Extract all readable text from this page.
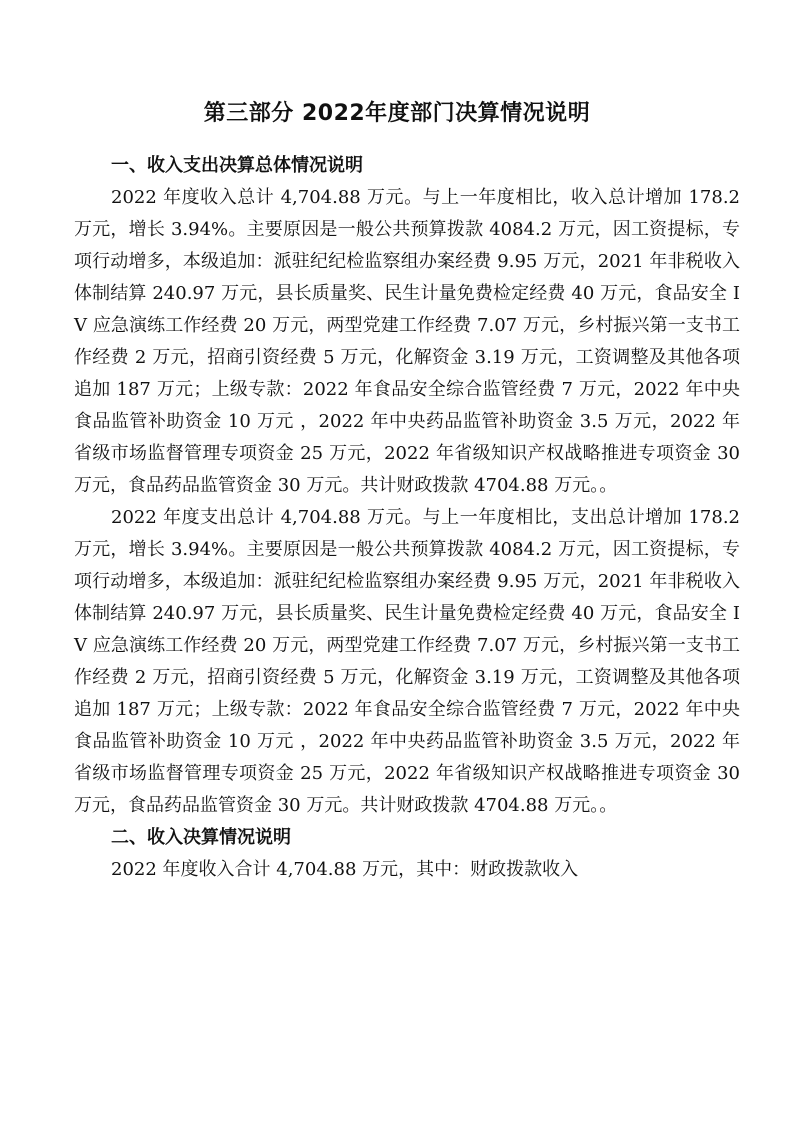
第三部分 2022年度部门决算情况说明
一、收入支出决算总体情况说明

2022 年度收入总计 4,704.88 万元。与上一年度相比，收入总计增加 178.2 万元，增长 3.94%。主要原因是一般公共预算拨款 4084.2 万元，因工资提标，专项行动增多，本级追加：派驻纪纪检监察组办案经费 9.95 万元，2021 年非税收入体制结算 240.97 万元，县长质量奖、民生计量免费检定经费 40 万元，食品安全 IV 应急演练工作经费 20 万元，两型党建工作经费 7.07 万元，乡村振兴第一支书工作经费 2 万元，招商引资经费 5 万元，化解资金 3.19 万元，工资调整及其他各项追加 187 万元；上级专款：2022 年食品安全综合监管经费 7 万元，2022 年中央食品监管补助资金 10 万元 ，2022 年中央药品监管补助资金 3.5 万元，2022 年省级市场监督管理专项资金 25 万元，2022 年省级知识产权战略推进专项资金 30 万元，食品药品监管资金 30 万元。共计财政拨款 4704.88 万元。。

2022 年度支出总计 4,704.88 万元。与上一年度相比，支出总计增加 178.2 万元，增长 3.94%。主要原因是一般公共预算拨款 4084.2 万元，因工资提标，专项行动增多，本级追加：派驻纪纪检监察组办案经费 9.95 万元，2021 年非税收入体制结算 240.97 万元，县长质量奖、民生计量免费检定经费 40 万元，食品安全 IV 应急演练工作经费 20 万元，两型党建工作经费 7.07 万元，乡村振兴第一支书工作经费 2 万元，招商引资经费 5 万元，化解资金 3.19 万元，工资调整及其他各项追加 187 万元；上级专款：2022 年食品安全综合监管经费 7 万元，2022 年中央食品监管补助资金 10 万元 ，2022 年中央药品监管补助资金 3.5 万元，2022 年省级市场监督管理专项资金 25 万元，2022 年省级知识产权战略推进专项资金 30 万元，食品药品监管资金 30 万元。共计财政拨款 4704.88 万元。。

二、收入决算情况说明

2022 年度收入合计 4,704.88 万元，其中：财政拨款收入
